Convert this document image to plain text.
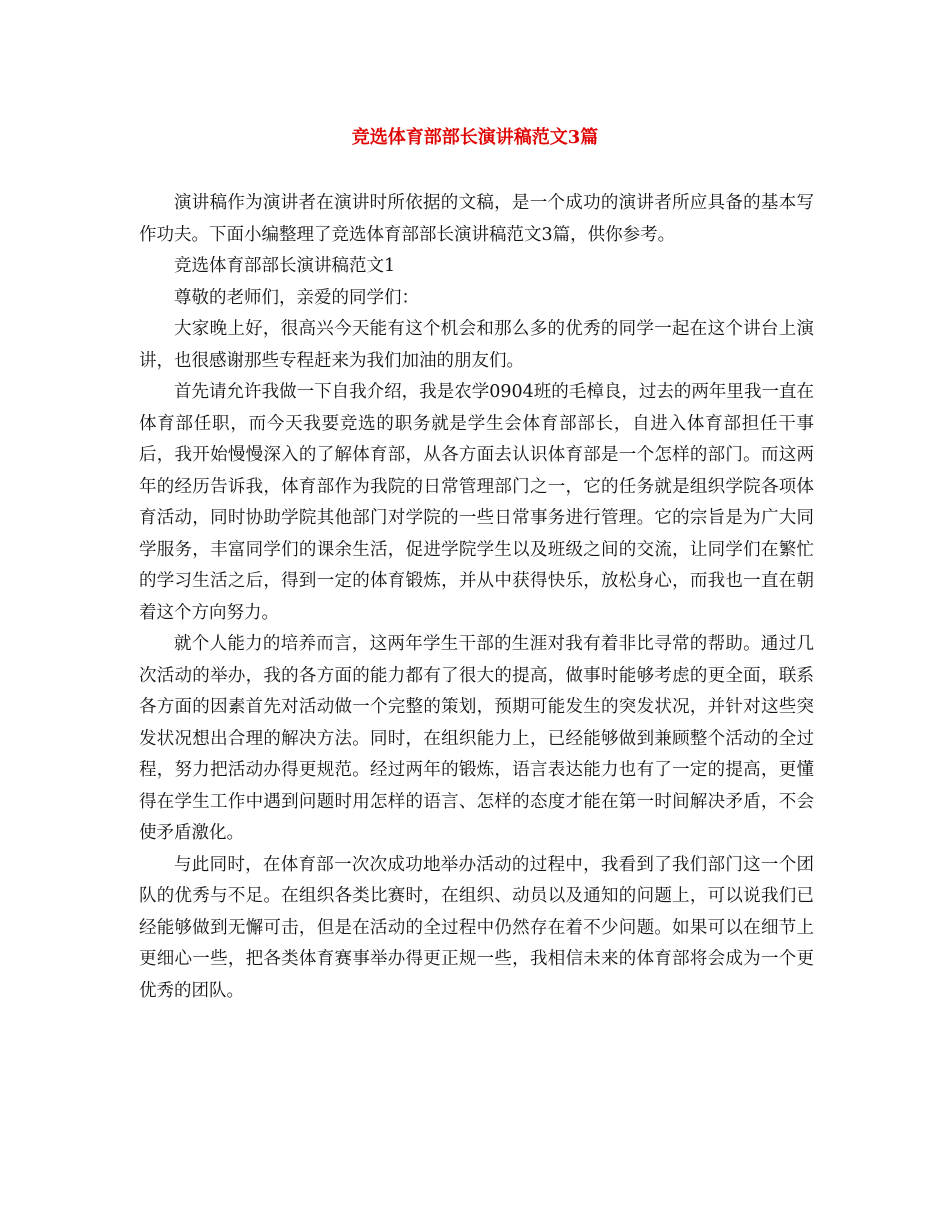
竞选体育部部长演讲稿范文3篇

演讲稿作为演讲者在演讲时所依据的文稿，是一个成功的演讲者所应具备的基本写作功夫。下面小编整理了竞选体育部部长演讲稿范文3篇，供你参考。

竞选体育部部长演讲稿范文1

尊敬的老师们，亲爱的同学们：

大家晚上好，很高兴今天能有这个机会和那么多的优秀的同学一起在这个讲台上演讲，也很感谢那些专程赶来为我们加油的朋友们。

首先请允许我做一下自我介绍，我是农学0904班的毛樟良，过去的两年里我一直在体育部任职，而今天我要竞选的职务就是学生会体育部部长，自进入体育部担任干事后，我开始慢慢深入的了解体育部，从各方面去认识体育部是一个怎样的部门。而这两年的经历告诉我，体育部作为我院的日常管理部门之一，它的任务就是组织学院各项体育活动，同时协助学院其他部门对学院的一些日常事务进行管理。它的宗旨是为广大同学服务，丰富同学们的课余生活，促进学院学生以及班级之间的交流，让同学们在繁忙的学习生活之后，得到一定的体育锻炼，并从中获得快乐，放松身心，而我也一直在朝着这个方向努力。

就个人能力的培养而言，这两年学生干部的生涯对我有着非比寻常的帮助。通过几次活动的举办，我的各方面的能力都有了很大的提高，做事时能够考虑的更全面，联系各方面的因素首先对活动做一个完整的策划，预期可能发生的突发状况，并针对这些突发状况想出合理的解决方法。同时，在组织能力上，已经能够做到兼顾整个活动的全过程，努力把活动办得更规范。经过两年的锻炼，语言表达能力也有了一定的提高，更懂得在学生工作中遇到问题时用怎样的语言、怎样的态度才能在第一时间解决矛盾，不会使矛盾激化。

与此同时，在体育部一次次成功地举办活动的过程中，我看到了我们部门这一个团队的优秀与不足。在组织各类比赛时，在组织、动员以及通知的问题上，可以说我们已经能够做到无懈可击，但是在活动的全过程中仍然存在着不少问题。如果可以在细节上更细心一些，把各类体育赛事举办得更正规一些，我相信未来的体育部将会成为一个更优秀的团队。
